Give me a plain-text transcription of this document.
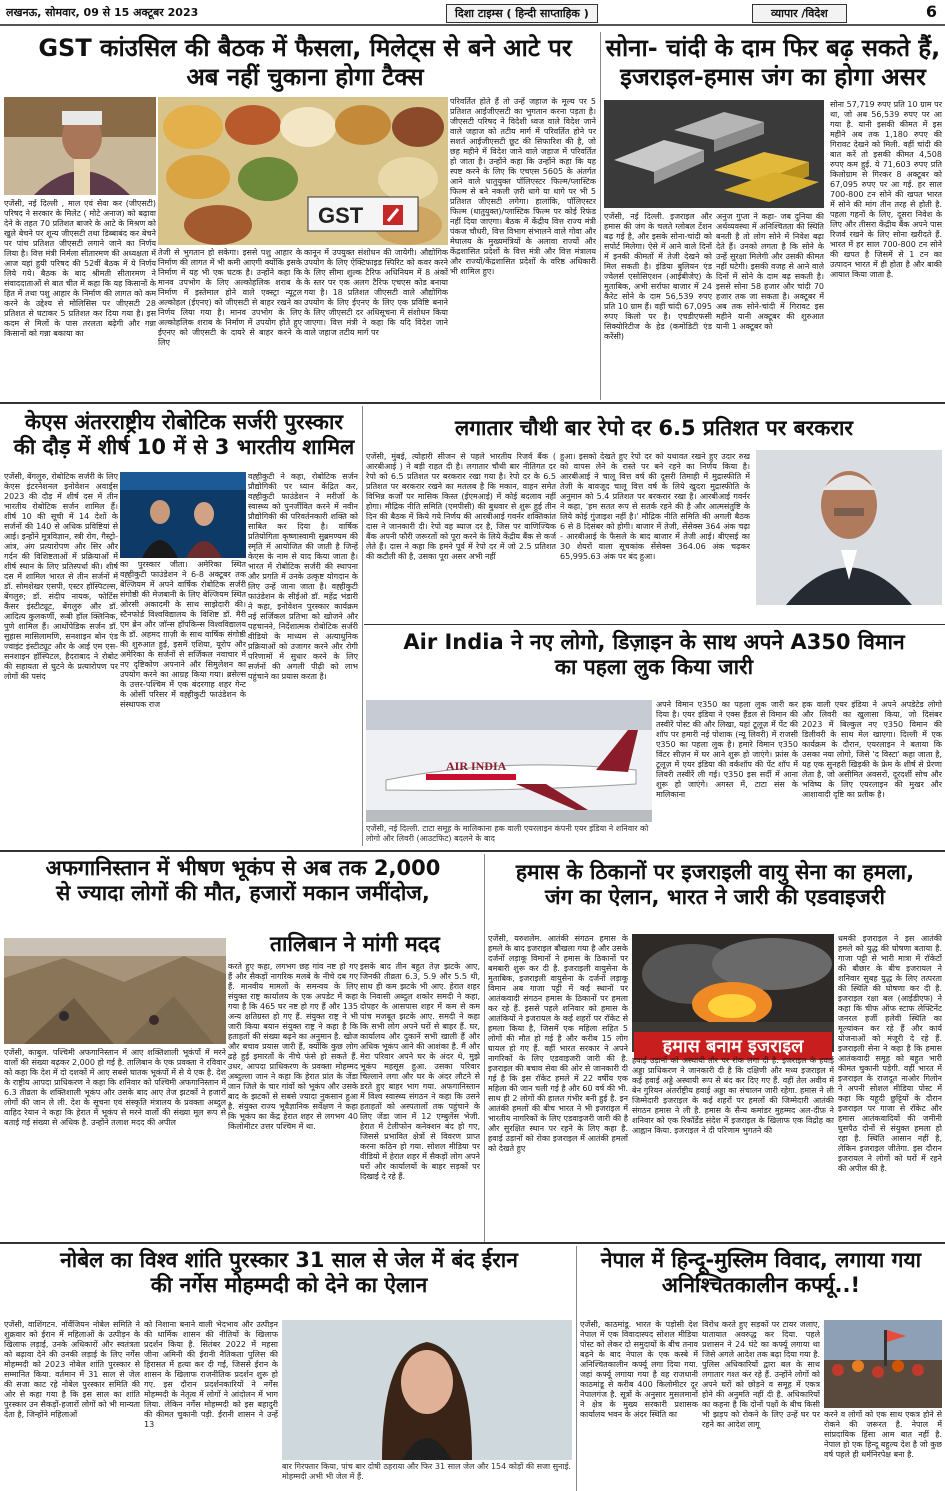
लखनऊ, सोमवार, 09 से 15 अक्टूबर 2023	दिशा टाइम्स ( हिन्दी साप्ताहिक )	व्यापार /विदेश	6
GST कांउसिल की बैठक में फैसला, मिलेट्स से बने आटे पर
अब नहीं चुकाना होगा टैक्स
GST
एजेंसी, नई दिल्ली , माल एवं सेवा कर (जीएसटी) परिषद ने सरकार के मिलेट ( मोटे अनाज) को बढ़ावा देने के तहत 70 प्रतिशत बाजरे के आटे के मिश्रण को खुले बेचने पर शून्य जीएसटी तथा डिब्बाबंद कर बेचने पर पांच प्रतिशत जीएसटी लगाने जाने का निर्णय लिया है। वित्त मंत्री निर्मला सीतारमण की अध्यक्षता में आज यहां हुयी परिषद की 52वीं बैठक में ये निर्णय लिये गये। बैठक के बाद श्रीमती सीतारमण ने संवाददाताओं से बात चीत में कहा कि यह किसानों के हित में तथा पशु आहार के निर्माण की लागत को कम करने के उद्देश्य से मोलिसिस पर जीएसटी 28 प्रतिशत से घटाकर 5 प्रतिशत कर दिया गया है। इस कदम से मिलों के पास तरलता बढ़ेगी और गन्ना किसानों को गन्ना बकाया का
तेजी से भुगतान हो सकेगा। इससे पशु आहार के निर्माण की लागत में भी कमी आएगी क्योंकि इसके निर्माण में यह भी एक घटक है। उन्होंने कहा कि मानव उपभोग के लिए अल्कोहलिक शराब के निर्माण में इस्तेमाल होने वाले एक्स्ट्रा न्यूट्रल अल्कोहल (ईएनए) को जीएसटी से बाहर रखने का निर्णय लिया गया है। मानव उपभोग के लिए अल्कोहलिक शराब के निर्माण में उपयोग होते हुए ईएनए को जीएसटी के दायरे से बाहर करने के लिए
कानून में उपयुक्त संशोधन की जायेगी। औद्योगिक उपयोग के लिए ऐक्टिफाइड स्पिरिट को कवर करने के लिए सीमा शुल्क टैरिफ अधिनियम में 8 अंकों के स्तर पर एक अलग टैरिफ एचएस कोड बनाया गया है। 18 प्रतिशत जीएसटी वाले औद्योगिक उपयोग के लिए ईएनए के लिए एक प्रविष्टि बनाने के लिए जीएसटी दर अधिसूचना में संशोधन किया जाएगा। वित्त मंत्री ने कहा कि यदि विदेश जाने वाले जहाज तटीय मार्ग पर
परिवर्तित होते हैं तो उन्हें जहाज के मूल्य पर 5 प्रतिशत आईजीएसटी का भुगतान करना पड़ता है। जीएसटी परिषद ने विदेशी ध्वज वाले विदेश जाने वाले जहाज को तटीय मार्ग में परिवर्तित होने पर सशर्त आईजीएसटी छूट की सिफारिश की है, जो छह महीने में विदेश जाने वाले जहाज में परिवर्तित हो जाता है। उन्होंने कहा कि उन्होंने कहा कि यह स्पष्ट करने के लिए कि एचएस 5605 के अंतर्गत आने वाले धातुयुक्त पॉलिएस्टर फिल्म/प्लास्टिक फिल्म से बने नकली ज़री धागे या धागे पर भी 5 प्रतिशत जीएसटी लगेगा। हालांकि, पॉलिएस्टर फिल्म (धातुयुक्त)/प्लास्टिक फिल्म पर कोई रिफंड नहीं दिया जाएगा। बैठक में केंद्रीय वित्त राज्य मंत्री पंकज चौधरी, वित्त विभाग संभालने वाले गोवा और मेघालय के मुख्यमंत्रियों के अलावा राज्यों और केंद्रशासित प्रदेशों के वित्त मंत्री और वित्त मंत्रालय और राज्यों/केंद्रशासित प्रदेशों के वरिष्ठ अधिकारी भी शामिल हुए।
सोना- चांदी के दाम फिर बढ़ सकते हैं,
इजराइल-हमास जंग का होगा असर
एजेंसी, नई दिल्ली. इजराइल और हमास की जंग के चलते ग्लोबल टेंशन बढ़ गई है, और इसके सोना-चांदी को सपोर्ट मिलेगा। ऐसे में आने वाले दिनों में इनकी कीमतों में तेजी देखने को मिल सकती है। इंडिया बुलियन एंड ज्वेलर्स एसोसिएशन (आईबीजेए) के मुताबिक, अभी सर्राफा बाजार में 24 कैरेट सोने के दाम 56,539 रुपए प्रति 10 ग्राम हैं। वहीं चांदी 67,095 रुपए किलो पर है। एचडीएफसी सिक्योरिटीज के हेड (कमोडिटी एंड करेंसी)
अनुज गुप्ता ने कहा- जब दुनिया की अर्थव्यवस्था में अनिश्चितता की स्थिति बनती है तो लोग सोने में निवेश बढ़ा देते हैं। उनको लगता है कि सोने के उन्हें सुरक्षा मिलेगी और उसकी कीमत नहीं घटेगी। इसकी वजह से आने वाले दिनों में सोने के दाम बढ़ सकती है। इससे सोना 58 हजार और चांदी 70 हजार तक जा सकता है। अक्टूबर में अब तक सोने-चांदी में गिरावट इस महीने यानी अक्टूबर की शुरुआत यानी 1 अक्टूबर को
सोना 57,719 रुपए प्रति 10 ग्राम पर था, जो अब 56,539 रुपए पर आ गया है. यानी इसकी कीमत में इस महीने अब तक 1,180 रुपए की गिरावट देखने को मिली. वहीं चांदी की बात करें तो इसकी कीमत 4,508 रुपए कम हुई. ये 71,603 रुपए प्रति किलोग्राम से गिरकर 8 अक्टूबर को 67,095 रुपए पर आ गई. हर साल 700-800 टन सोने की खपत भारत में सोने की मांग तीन तरह से होती है. पहला गहनों के लिए, दूसरा निवेश के लिए और तीसरा केंद्रीय बैंक अपने पास रिजर्व रखने के लिए सोना खरीदते हैं. भारत में हर साल 700-800 टन सोने की खपत है जिसमें से 1 टन का उत्पादन भारत में ही होता है और बाकी आयात किया जाता है.
केएस अंतरराष्ट्रीय रोबोटिक सर्जरी पुरस्कार
की दौड़ में शीर्ष 10 में से 3 भारतीय शामिल
एजेंसी, बेंगलुरु, रोबोटिक सर्जरी के लिए केएस इंटरनेशनल इनोवेशन अवार्ड्स 2023 की दौड़ में शीर्ष दस में तीन भारतीय रोबोटिक सर्जन शामिल हैं। शीर्ष 10 की सूची में 14 देशों के सर्जनों की 140 से अधिक प्रविष्टियां से आई। इन्होंने मूत्रविज्ञान, स्त्री रोग, गैस्ट्रो-आंत्र, अंग प्रत्यारोपण और सिर और गर्दन की विशिष्टताओं में प्रक्रियाओं में शीर्ष स्थान के लिए प्रतिस्पर्धा की। शीर्ष दस में शामिल भारत से तीन सर्जनों में डॉ. सोमशेखर एसपी, एस्टर हॉस्पिटल्स, बेंगलुरु; डॉ. संदीप नायक, फोर्टिस कैंसर इंस्टीट्यूट, बेंगलुरु और डॉ. आदित्य कुलकर्णी, रूबी हॉल क्लिनिक, पुणे शामिल हैं। आर्थोपेडिक सर्जन डॉ. सुहास मासिलामणि, सनशाइन बोन एंड ज्वाइंट इंस्टीट्यूट और के आई एम एस-सनशाइन हॉस्पिटल, हैदराबाद ने रोबोट की सहायता से घुटने के प्रत्यारोपण पर लोगों की पसंद
का पुरस्कार जीता। अमेरिका स्थित वह्हीकुटी फाउंडेशन ने 6-8 अक्टूबर तक बेल्जियम में अपने वार्षिक रोबोटिक सर्जरी संगोष्ठी की मेजबानी के लिए बेल्जियम स्थित ओरसी अकादमी के साथ साझेदारी की। स्टैनफोर्ड विश्वविद्यालय के विशिष्ट डॉ. मैरी एम ब्रेन और जॉन्स हॉपकिन्स विश्वविद्यालय के डॉ. अहमद ग़ाज़ी के साथ वार्षिक संगोष्ठी की शुरुआत हुई, इसमें एशिया, यूरोप और अमेरिका के सर्जनों से सर्जिकल नवाचार में नए दृष्टिकोण अपनाने और सिमुलेशन का उपयोग करने का आग्रह किया गया। ब्रसेल्स के उत्तर-पश्चिम में एक बंदरगाह शहर गेन्ट के ओर्सी परिसर में वह्हीकुटी फाउंडेशन के संस्थापक राज
वह्हीकुटी ने कहा, रोबोटिक सर्जन प्रौद्योगिकी पर ध्यान केंद्रित कर, वह्हीकुटी फाउंडेशन ने मरीजों के स्वास्थ्य को पुनर्जीवित करने में नवीन प्रौद्योगिकी की परिवर्तनकारी शक्ति को साबित कर दिया है। वार्षिक प्रतियोगिता कृष्णास्वामी सुब्रमण्यम की स्मृति में आयोजित की जाती है जिन्हें केएस के नाम से याद किया जाता है। भारत में रोबोटिक सर्जरी की स्थापना और प्रगति में उनके उत्कृष्ट योगदान के लिए उन्हें जाना जाता है। वह्हीकुटी फाउंडेशन के सीईओ डॉ. महेंद्र भंडारी ने कहा, इनोवेशन पुरस्कार कार्यक्रम नई सर्जिकल प्रतिभा को खोजने और पहचानने, निर्देशात्मक रोबोटिक सर्जरी वीडियो के माध्यम से अत्याधुनिक प्रक्रियाओं को उजागर करने और रोगी परिणामों में सुधार करने के लिए सर्जनों की अगली पीढ़ी को लाभ पहुंचाने का प्रयास करता है।
लगातार चौथी बार रेपो दर 6.5 प्रतिशत पर बरकरार
एजेंसी, मुंबई, त्योहारी सीजन से पहले भारतीय रिजर्व बैंक ( आरबीआई ) ने बड़ी राहत दी है। लगातार चौथी बार नीतिगत दर रेपो को 6.5 प्रतिशत पर बरकरार रखा गया है। रेपो दर के 6.5 प्रतिशत पर बरकरार रखने का मतलब है कि मकान, वाहन समेत विभिन्न कर्जों पर मासिक किस्त (ईएमआई) में कोई बदलाव नहीं होगा। मौद्रिक नीति समिति (एमपीसी) की बुधवार से शुरू हुई तीन दिन की बैठक में किये गये निर्णय की आरबीआई गवर्नर शक्तिकांत दास ने जानकारी दी। रेपो वह ब्याज दर है, जिस पर वाणिज्यिक बैंक अपनी फौरी जरूरतों को पूरा करने के लिये केंद्रीय बैंक से कर्ज लेते हैं। दास ने कहा कि हमने पूर्व में रेपो दर में जो 2.5 प्रतिशत की कटौती की है, उसका पूरा असर अभी नहीं
हुआ। इसको देखते हुए रेपो दर को यथावत रखने हुए उदार रुख को वापस लेने के रास्ते पर बने रहने का निर्णय किया है। आरबीआई ने चालू वित्त वर्ष की दूसरी तिमाही में मुद्रास्फीति में तेजी के बावजूद चालू वित्त वर्ष के लिये खुदरा मुद्रास्फीति के अनुमान को 5.4 प्रतिशत पर बरकरार रखा है। आरबीआई गवर्नर ने कहा, 'हम सतत रूप से सतर्क रहने की है और आत्मसंतुष्टि के लिये कोई गुंजाइश नहीं है।' मौद्रिक नीति समिति की अगली बैठक 6 से 8 दिसंबर को होगी। बाजार में तेजी, सेंसेक्स 364 अंक चढ़ा - आरबीआई के फैसले के बाद बाजार में तेजी आई। बीएसई का 30 शेयरों वाला सूचकांक सेंसेक्स 364.06 अंक चढ़कर 65,995.63 अंक पर बंद हुआ।
Air India ने नए लोगो, डिज़ाइन के साथ अपने A350 विमान
का पहला लुक किया जारी
AIR INDIA
एजेंसी, नई दिल्ली. टाटा समूह के मालिकाना हक वाली एयरलाइन कंपनी एयर इंडिया ने शनिवार को लोगो और लिवरी (आउटफिट) बदलने के बाद
अपने विमान ए350 का पहला लुक जारी कर दिया है। एयर इंडिया ने एक्स हैंडल से विमान की तस्वीरें पोस्ट की और लिखा, यहां टूलूज़ में पेंट की शॉप पर हमारी नई पोशाक (न्यू लिवरी) में राजसी ए350 का पहला लुक है। हमारे विमान ए350 विंटर सीज़न में घर आने शुरू हो जाएंगे। फ्रांस के टूलूज़ में एयर इंडिया की वर्कशॉप की पेंट शॉप में लिवरी तस्वीरें ली गई। ए350 इस सर्दी में आना शुरू हो जाएंगे। अगस्त में, टाटा संस के मालिकाना
हक वाली एयर इंडिया ने अपने अपडेटेड लोगो और लिवरी का खुलासा किया, जो दिसंबर 2023 में बिल्कुल नए ए350 विमान की डिलीवरी के साथ मेल खाएगा। दिल्ली में एक कार्यक्रम के दौरान, एयरलाइन ने बताया कि उसका नया लोगो, जिसे 'द विस्टा' कहा जाता है, यह एक सुनहरी खिड़की के फ्रेम के शीर्ष से प्रेरणा लेता है, जो असीमित अवसरों, दूरदर्शी सोच और भविष्य के लिए एयरलाइन की मुखर और आशावादी दृष्टि का प्रतीक है।
अफगानिस्तान में भीषण भूकंप से अब तक 2,000
से ज्यादा लोगों की मौत, हजारों मकान जमींदोज,
तालिबान ने मांगी मदद
एजेंसी, काबुल. पश्चिमी अफगानिस्तान में आए शक्तिशाली भूकंपों में मरने वालों की संख्या बढ़कर 2,000 हो गई है. तालिबान के एक प्रवक्ता ने रविवार को कहा कि देश में दो दशकों में आए सबसे घातक भूकंपों में से ये एक है. देश के राष्ट्रीय आपदा प्राधिकरण ने कहा कि शनिवार को पश्चिमी अफगानिस्तान में 6.3 तीव्रता के शक्तिशाली भूकंप और उसके बाद आए तेज झटकों ने हजारों लोगों की जान ले ली. देश के सूचना एवं संस्कृति मंत्रालय के प्रवक्ता अब्दुल वाहिद रेयान ने कहा कि हेरात में भूकंप से मरने वालों की संख्या मूल रूप से बताई गई संख्या से अधिक है. उन्होंने तलाश मदद की अपील
करते हुए कहा, लगभग छह गांव नष्ट हो गए हैं और सैकड़ों नागरिक मलबे के नीचे दब गए हैं. मानवीय मामलों के समन्वय के लिए संयुक्त राष्ट्र कार्यालय के एक अपडेट में कहा गया है कि 465 घर नष्ट हो गए हैं और 135 अन्य क्षतिग्रस्त हो गए हैं. संयुक्त राष्ट्र ने भी जारी किया बयान संयुक्त राष्ट्र ने कहा है कि हताहतों की संख्या बढ़ने का अनुमान है. खोज और बचाव प्रयास जारी हैं, क्योंकि कुछ लोग ढहे हुई इमारतों के नीचे फंसे हो सकते हैं. उधर, आपदा प्राधिकरण के प्रवक्ता मोहम्मद अब्दुल्ला जान ने कहा कि हेरात प्रांत के जेंडा जान जिले के चार गांवों को भूकंप और उसके बाद के झटकों से सबसे ज्यादा नुकसान हुआ है. संयुक्त राज्य भूवैज्ञानिक सर्वेक्षण ने कहा कि भूकंप का केंद्र हेरात शहर से लगभग 40 किलोमीटर उत्तर पश्चिम में था.
इसके बाद तीन बहुत तेज़ झटके आए, जिनकी तीव्रता 6.3, 5.9 और 5.5 थी, साथ ही कम झटके भी आए. हेरात शहर के निवासी अब्दुल शकोर समदी ने कहा, दोपहर के आसपास शहर में कम से कम पांच मजबूत झटके आए. समदी ने कहा कि सभी लोग अपने घरों से बाहर हैं. घर, कार्यालय और दुकानें सभी खाली हैं और अधिक भूकंप आने की आशंका है. मैं और मेरा परिवार अपने घर के अंदर थे, मुझे भूकंप महसूस हुआ. उसका परिवार चिल्लाने लगा और घर के अंदर लौटने से डरते हुए बाहर भाग गया. अफगानिस्तान में विश्व स्वास्थ्य संगठन ने कहा कि उसने हताहतों को अस्पतालों तक पहुंचाने के लिए जेंडा जान में 12 एम्बुलेंस भेजी. हेरात में टेलीफोन कनेक्शन बंद हो गए, जिससे प्रभावित क्षेत्रों से विवरण प्राप्त करना कठिन हो गया. सोशल मीडिया पर वीडियो में हेरात शहर में सैकड़ों लोग अपने घरों और कार्यालयों के बाहर सड़कों पर दिखाई दे रहे हैं.
हमास के ठिकानों पर इजराइली वायु सेना का हमला,
जंग का ऐलान, भारत ने जारी की एडवाइजरी
एजेंसी, यरुशलेम. आतंकी संगठन हमास के हमले के बाद इजराइल बौखला गया है और उसके दर्जनों लड़ाकू विमानों ने हमास के ठिकानों पर बमबारी शुरू कर दी है. इजराइली वायुसेना के मुताबिक, इजराइली वायुसेना के दर्जनों लड़ाकू विमान अब गाजा पट्टी में कई स्थानों पर आतंकवादी संगठन हमास के ठिकानों पर हमला कर रहे हैं. इससे पहले शनिवार को हमास के आतंकियों ने इजरायल के कई शहरों पर रॉकेट से हमला किया है, जिसमें एक महिला सहित 5 लोगों की मौत हो गई है और करीब 15 लोग घायल हो गए हैं. वहीं भारत सरकार ने अपने नागरिकों के लिए एडवाइजरी जारी की है. इजराइल की बचाव सेवा की ओर से जानकारी दी गई है कि इस रॉकेट हमले में 22 वर्षीय एक महिला की जान चली गई है और 60 वर्ष की भी. साथ ही 2 लोगों की हालत गंभीर बनी हुई है. इन आतंकी हमलों की बीच भारत ने भी इजराइल में भारतीय नागरिकों के लिए एडवाइजरी जारी की है और सुरक्षित स्थान पर रहने के लिए कहा है. हवाई उड़ानों को रोका इजराइल में आतंकी हमलों को देखते हुए
हमास बनाम इजराइल
हवाई उड़ानों को अस्थायी तौर पर रोक लगा दी है. इजराइल के हवाई अड्डा प्राधिकरण ने जानकारी दी है कि दक्षिणी और मध्य इजराइल में कई हवाई अड्डे अस्थायी रूप से बंद कर दिए गए हैं. वहीं तेल अवीव में बेन गुरियन अंतर्राष्ट्रीय हवाई अड्डा का संचालन जारी रहेगा. हमास ने ली जिम्मेदारी इजराइल के कई शहरों पर हमलों की जिम्मेदारी आतंकी संगठन हमास ने ली है. हमास के सैन्य कमांडर मुहम्मद अल-दीफ़ ने शनिवार को एक रिकॉर्डेड संदेश में इजराइल के खिलाफ एक विद्रोह का आह्वान किया. इजराइल ने दी परिणाम भुगतने की
धमकी इजराइल ने इस आतंकी हमले को युद्ध की घोषणा बताया है. गाजा पट्टी से भारी मात्रा में रॉकेटों की बौछार के बीच इजरायल ने शनिवार सुबह युद्ध के लिए तत्परता की स्थिति की घोषणा कर दी है. इजराइल रक्षा बल (आईडीएफ) ने कहा कि चीफ ऑफ स्टाफ लेफ्टिनेंट जनरल हर्जी हलेवी स्थिति का मूल्यांकन कर रहे हैं और कार्य योजनाओं को मंजूरी दे रहे हैं. इजराइली सेना ने कहा है कि हमास आतंकवादी समूह को बहुत भारी कीमत चुकानी पड़ेगी. वहीं भारत में इजराइल के राजदूत नाओर गिलोन ने अपनी सोशल मीडिया पोस्ट में कहा कि यहूदी छुट्टियों के दौरान इजराइल पर गाजा से रॉकेट और हमास आतंकवादियों की जमीनी घुसपैठ दोनों से संयुक्त हमला हो रहा है. स्थिति आसान नहीं है, लेकिन इजराइल जीतेगा. इस दौरान इजरायल ने लोगों को घरों में रहने की अपील की है.
नोबेल का विश्व शांति पुरस्कार 31 साल से जेल में बंद ईरान
की नर्गेस मोहम्मदी को देने का ऐलान
एजेंसी, वाशिंगटन. नॉर्वेजियन नोबेल समिति ने शुक्रवार को ईरान में महिलाओं के उत्पीड़न के खिलाफ लड़ाई, उनके अधिकारों और स्वतंत्रता को बढ़ावा देने की उनकी लड़ाई के लिए नर्गेस मोहम्मदी को 2023 नोबेल शांति पुरस्कार से सम्मानित किया. वर्तमान में 31 साल से जेल की सजा काट रहे नोबेल पुरस्कार समिति की ओर से कहा गया है कि इस साल का शांति पुरस्कार उन सैकड़ों-हजारों लोगों को भी मान्यता देता है, जिन्होंने महिलाओं
को निशाना बनाने वाली भेदभाव और उत्पीड़न की धार्मिक शासन की नीतियों के खिलाफ प्रदर्शन किया है. सितंबर 2022 में महसा जीना अमिनी की ईरानी नैतिकता पुलिस की हिरासत में हत्या कर दी गई, जिससे ईरान के शासन के खिलाफ राजनीतिक प्रदर्शन शुरू हो गए. इस दौरान प्रदर्शनकारियों ने नर्गेस मोहम्मदी के नेतृत्व में लोगों ने आंदोलन में भाग लिया. लेकिन नर्गेस मोहम्मदी को इस बहादुरी की कीमत चुकानी पड़ी. ईरानी शासन ने उन्हें 13
बार गिरफ्तार किया, पांच बार दोषी ठहराया और फिर 31 साल जेल और 154 कोड़ों की सजा सुनाई. मोहम्मदी अभी भी जेल में हैं.
नेपाल में हिन्दू-मुस्लिम विवाद, लगाया गया
अनिश्चितकालीन कर्फ्यू..!
एजेंसी, काठमांडू. भारत के पड़ोसी देश नेपाल में एक विवादास्पद सोशल मीडिया पोस्ट को लेकर दो समुदायों के बीच तनाव बढ़ने के बाद नेपाल के एक कस्बे में अनिश्चितकालीन कर्फ्यू लगा दिया गया. जहां कर्फ्यू लगाया गया है वह राजधानी काठमांडू से करीब 400 किलोमीटर दूर नेपालगंज है. सूत्रों के अनुसार मुसलमानों ने क्षेत्र के मुख्य सरकारी प्रशासक कार्यालय भवन के अंदर स्थिति का
विरोध करते हुए सड़कों पर टायर जलाए, यातायात अवरुद्ध कर दिया. पहले प्रशासन ने 24 घंटे का कर्फ्यू लगाया था जिसे अगले आदेश तक बढ़ा दिया गया है. पुलिस अधिकारियों द्वारा बल के साथ लगातार गश्त कर रहे हैं. उन्होंने लोगों को अपने घरों को छोड़ने व समूह में एकत्र होने की अनुमति नहीं दी है. अधिकारियों का कहना है कि दोनों पक्षों के बीच किसी भी झड़प को रोकने के लिए उन्हें घर पर रहने का आदेश लागू
करने व लोगों को एक साथ एकत्र होने से रोकने की जरूरत है. नेपाल में सांप्रदायिक हिंसा आम बात नहीं है. नेपाल हो एक हिन्दू बहुल्य देश है जो कुछ वर्ष पहले ही धर्मनिरपेक्ष बना है.
